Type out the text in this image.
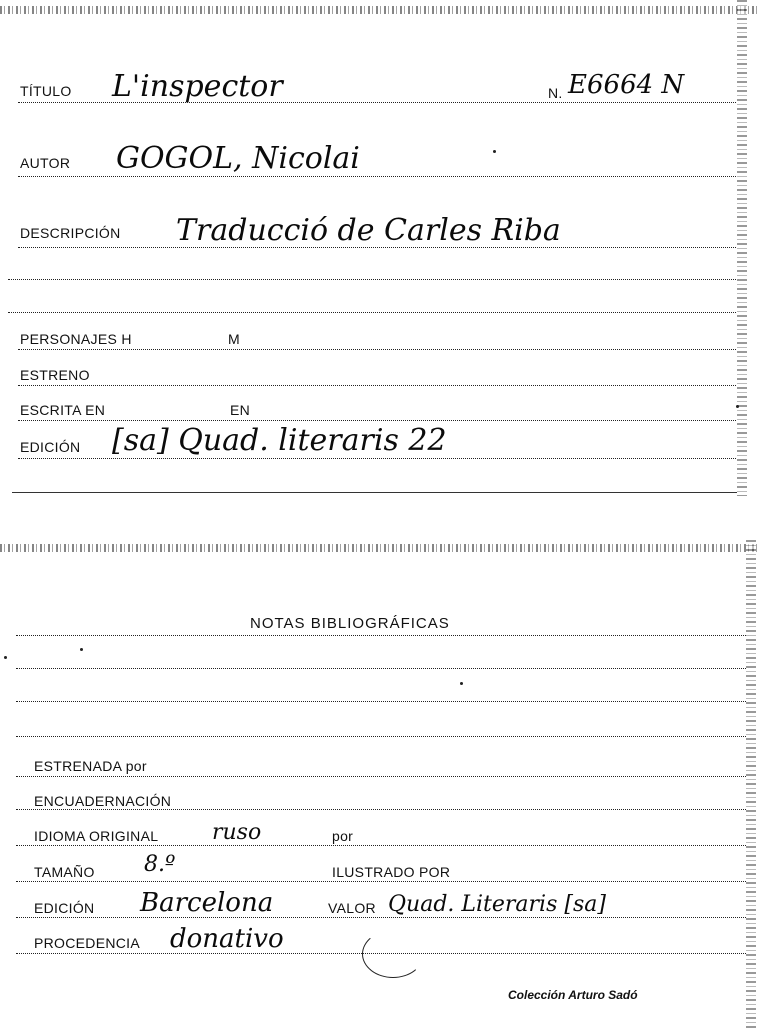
TÍTULO L'inspector	N. E6664 N
AUTOR GOGOL, Nicolai
DESCRIPCIÓN Traducció de Carles Riba
PERSONAJES H	M
ESTRENO
ESCRITA EN	EN
EDICIÓN [sa] Quad. literaris 22
NOTAS BIBLIOGRÁFICAS
ESTRENADA por
ENCUADERNACIÓN
IDIOMA ORIGINAL ruso	por
TAMAÑO 8.º	ILUSTRADO POR
EDICIÓN Barcelona	VALOR Quad. Literaris [sa]
PROCEDENCIA donativo
Colección Arturo Sadó
